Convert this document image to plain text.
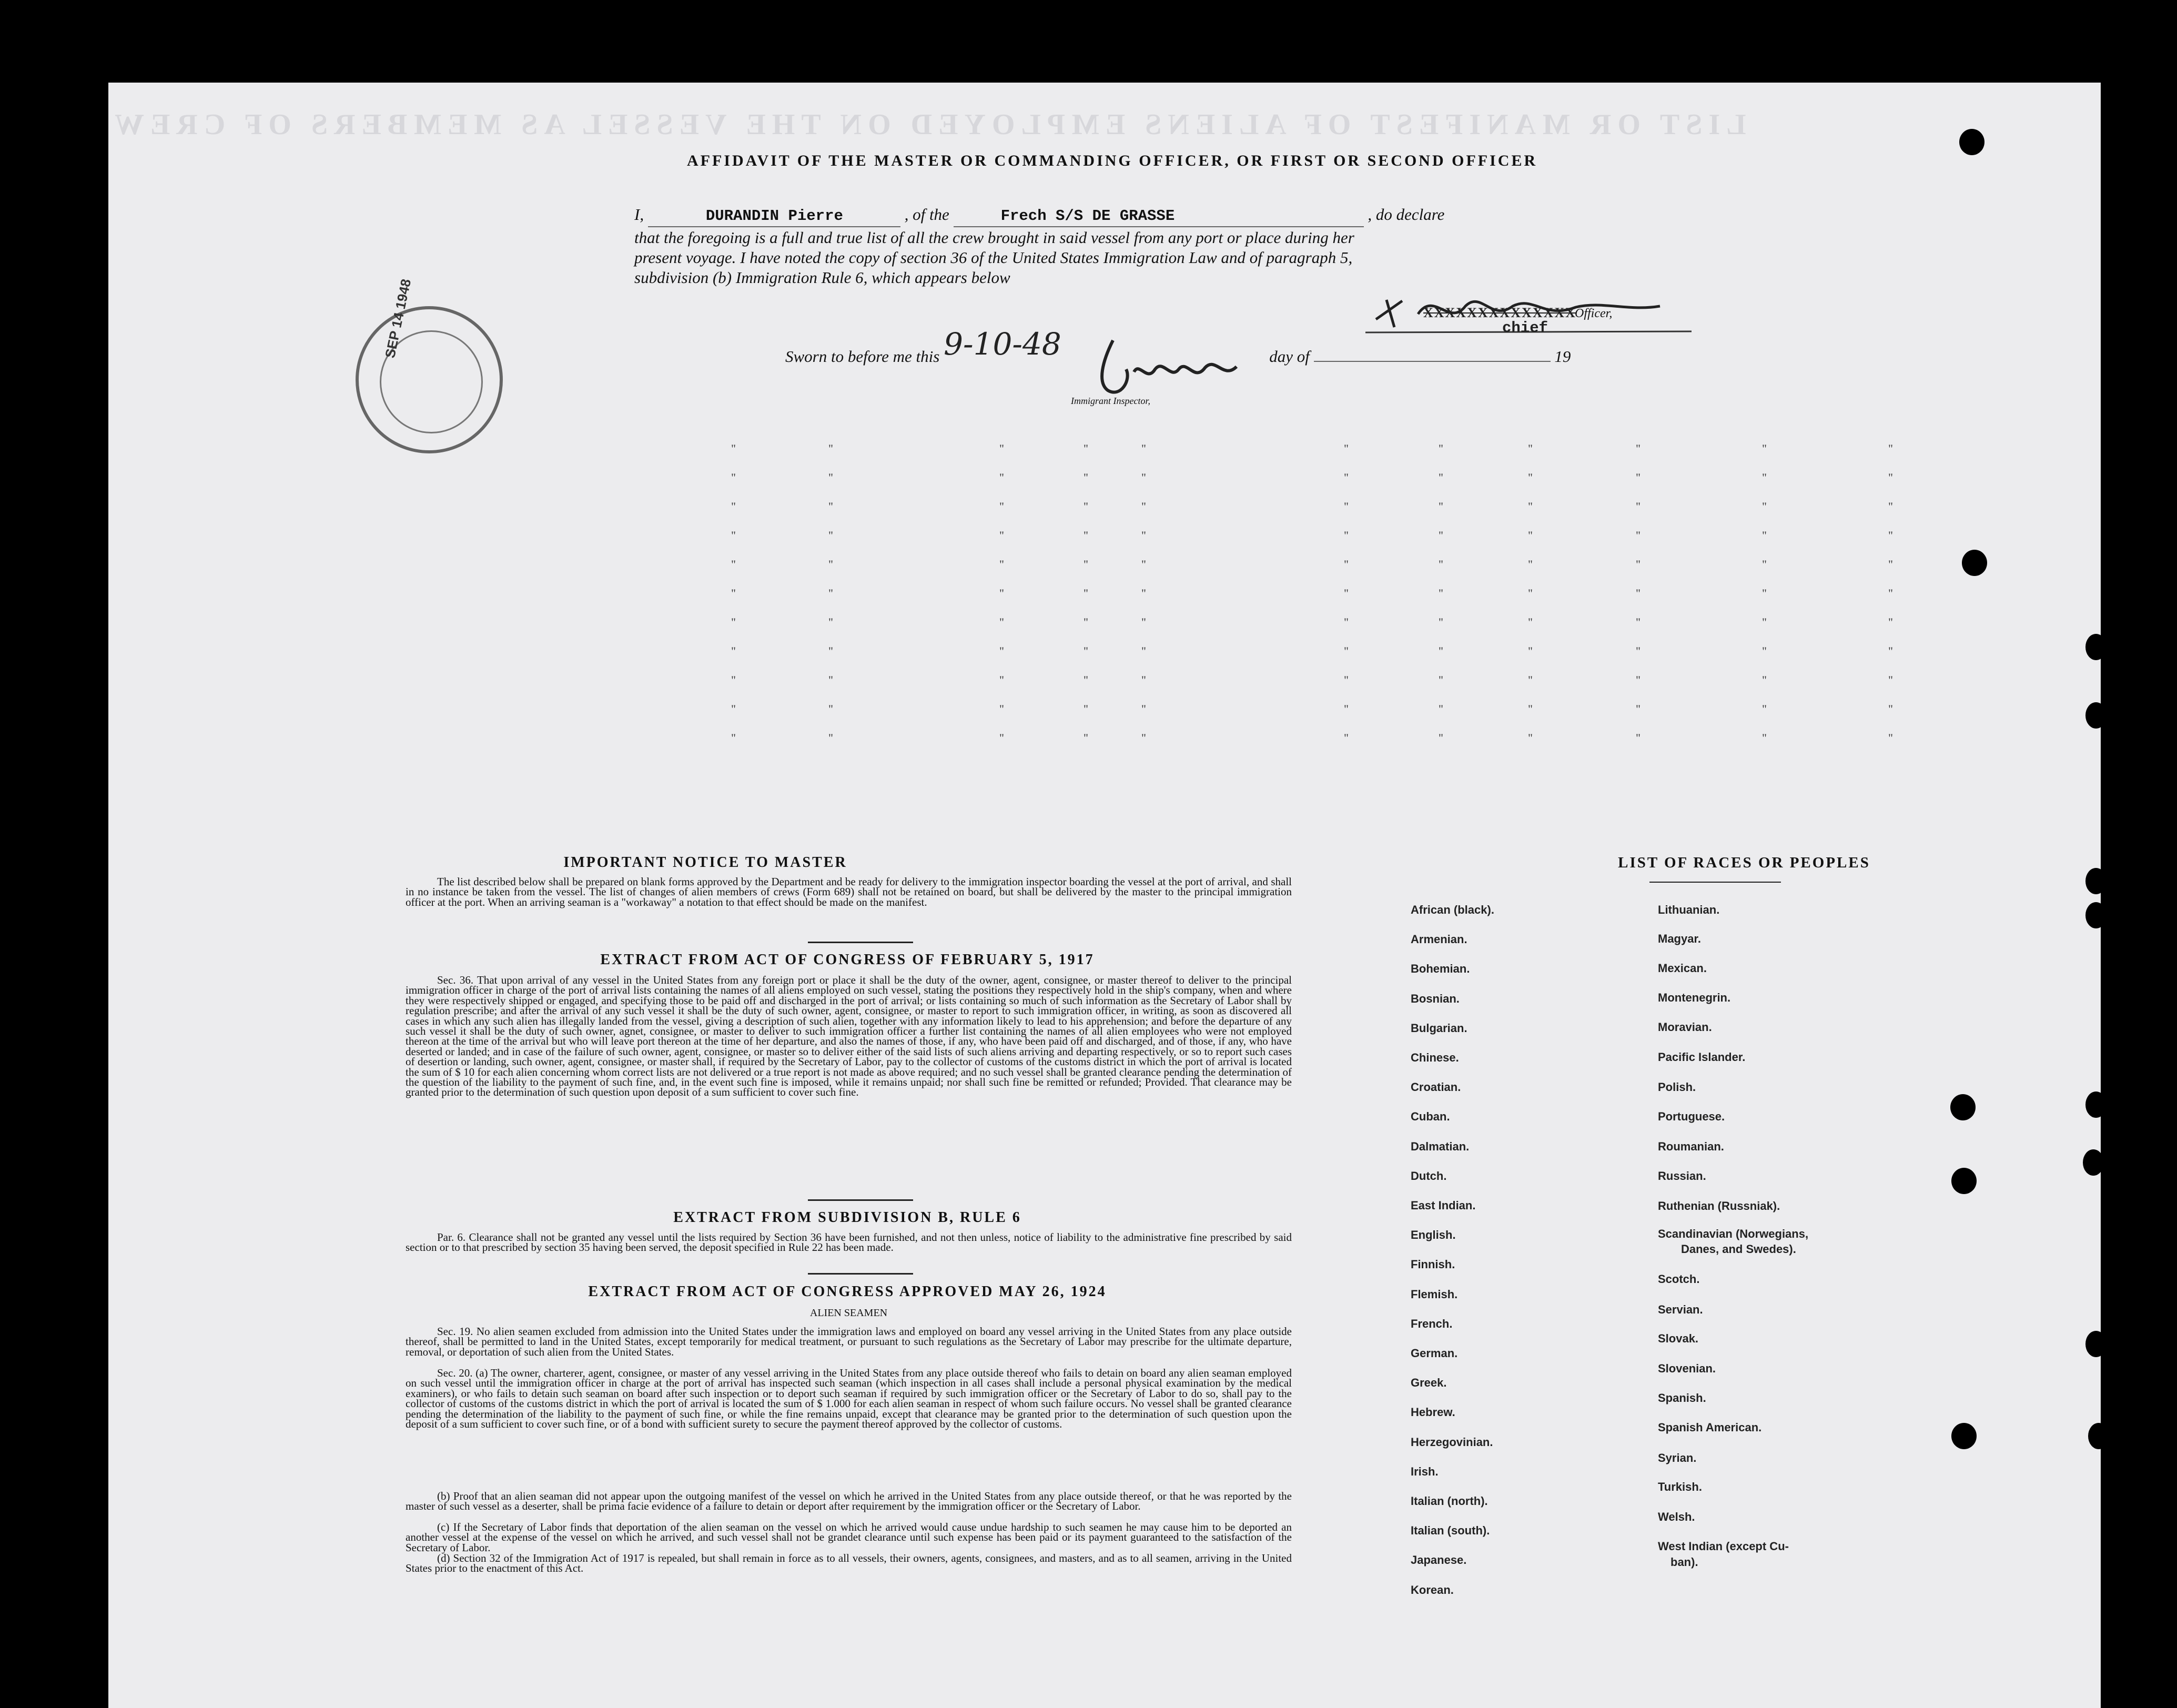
LIST OR MANIFEST OF ALIENS EMPLOYED ON THE VESSEL AS MEMBERS OF CREW
AFFIDAVIT OF THE MASTER OR COMMANDING OFFICER, OR FIRST OR SECOND OFFICER
I,	DURANDIN Pierre	, of the	Frech S/S DE GRASSE	, do declare
that the foregoing is a full and true list of all the crew brought in said vessel from any port or place during her
present voyage. I have noted the copy of section 36 of the United States Immigration Law and of paragraph 5,
subdivision (b) Immigration Rule 6, which appears below
XXXXXXXXXXXXXX
Officer,
chief
Sworn to before me this 9-10-48	day of	19
Immigrant Inspector,
SEP 14 1948
"	"	"	"	"	"	"	"	"	"	"
"	"	"	"	"	"	"	"	"	"	"
"	"	"	"	"	"	"	"	"	"	"
"	"	"	"	"	"	"	"	"	"	"
"	"	"	"	"	"	"	"	"	"	"
"	"	"	"	"	"	"	"	"	"	"
"	"	"	"	"	"	"	"	"	"	"
"	"	"	"	"	"	"	"	"	"	"
"	"	"	"	"	"	"	"	"	"	"
"	"	"	"	"	"	"	"	"	"	"
"	"	"	"	"	"	"	"	"	"	"
IMPORTANT NOTICE TO MASTER
The list described below shall be prepared on blank forms approved by the Department and be ready for delivery to the immigration inspector boarding the vessel at the port of arrival, and shall in no instance be taken from the vessel. The list of changes of alien members of crews (Form 689) shall not be retained on board, but shall be delivered by the master to the principal immigration officer at the port. When an arriving seaman is a "workaway" a notation to that effect should be made on the manifest.
EXTRACT FROM ACT OF CONGRESS OF FEBRUARY 5, 1917
Sec. 36. That upon arrival of any vessel in the United States from any foreign port or place it shall be the duty of the owner, agent, consignee, or master thereof to deliver to the principal immigration officer in charge of the port of arrival lists containing the names of all aliens employed on such vessel, stating the positions they respectively hold in the ship's company, when and where they were respectively shipped or engaged, and specifying those to be paid off and discharged in the port of arrival; or lists containing so much of such information as the Secretary of Labor shall by regulation prescribe; and after the arrival of any such vessel it shall be the duty of such owner, agent, consignee, or master to report to such immigration officer, in writing, as soon as discovered all cases in which any such alien has illegally landed from the vessel, giving a description of such alien, together with any information likely to lead to his apprehension; and before the departure of any such vessel it shall be the duty of such owner, agnet, consignee, or master to deliver to such immigration officer a further list containing the names of all alien employees who were not employed thereon at the time of the arrival but who will leave port thereon at the time of her departure, and also the names of those, if any, who have been paid off and discharged, and of those, if any, who have deserted or landed; and in case of the failure of such owner, agent, consignee, or master so to deliver either of the said lists of such aliens arriving and departing respectively, or so to report such cases of desertion or landing, such owner, agent, consignee, or master shall, if required by the Secretary of Labor, pay to the collector of customs of the customs district in which the port of arrival is located the sum of $ 10 for each alien concerning whom correct lists are not delivered or a true report is not made as above required; and no such vessel shall be granted clearance pending the determination of the question of the liability to the payment of such fine, and, in the event such fine is imposed, while it remains unpaid; nor shall such fine be remitted or refunded; Provided. That clearance may be granted prior to the determination of such question upon deposit of a sum sufficient to cover such fine.
EXTRACT FROM SUBDIVISION B, RULE 6
Par. 6. Clearance shall not be granted any vessel until the lists required by Section 36 have been furnished, and not then unless, notice of liability to the administrative fine prescribed by said section or to that prescribed by section 35 having been served, the deposit specified in Rule 22 has been made.
EXTRACT FROM ACT OF CONGRESS APPROVED MAY 26, 1924
ALIEN SEAMEN
Sec. 19. No alien seamen excluded from admission into the United States under the immigration laws and employed on board any vessel arriving in the United States from any place outside thereof, shall be permitted to land in the United States, except temporarily for medical treatment, or pursuant to such regulations as the Secretary of Labor may prescribe for the ultimate departure, removal, or deportation of such alien from the United States.
Sec. 20. (a) The owner, charterer, agent, consignee, or master of any vessel arriving in the United States from any place outside thereof who fails to detain on board any alien seaman employed on such vessel until the immigration officer in charge at the port of arrival has inspected such seaman (which inspection in all cases shall include a personal physical examination by the medical examiners), or who fails to detain such seaman on board after such inspection or to deport such seaman if required by such immigration officer or the Secretary of Labor to do so, shall pay to the collector of customs of the customs district in which the port of arrival is located the sum of $ 1.000 for each alien seaman in respect of whom such failure occurs. No vessel shall be granted clearance pending the determination of the liability to the payment of such fine, or while the fine remains unpaid, except that clearance may be granted prior to the determination of such question upon the deposit of a sum sufficient to cover such fine, or of a bond with sufficient surety to secure the payment thereof approved by the collector of customs.
(b) Proof that an alien seaman did not appear upon the outgoing manifest of the vessel on which he arrived in the United States from any place outside thereof, or that he was reported by the master of such vessel as a deserter, shall be prima facie evidence of a failure to detain or deport after requirement by the immigration officer or the Secretary of Labor.
(c) If the Secretary of Labor finds that deportation of the alien seaman on the vessel on which he arrived would cause undue hardship to such seamen he may cause him to be deported an another vessel at the expense of the vessel on which he arrived, and such vessel shall not be grandet clearance until such expense has been paid or its payment guaranteed to the satisfaction of the Secretary of Labor.
(d) Section 32 of the Immigration Act of 1917 is repealed, but shall remain in force as to all vessels, their owners, agents, consignees, and masters, and as to all seamen, arriving in the United States prior to the enactment of this Act.
LIST OF RACES OR PEOPLES
African (black).
Armenian.
Bohemian.
Bosnian.
Bulgarian.
Chinese.
Croatian.
Cuban.
Dalmatian.
Dutch.
East Indian.
English.
Finnish.
Flemish.
French.
German.
Greek.
Hebrew.
Herzegovinian.
Irish.
Italian (north).
Italian (south).
Japanese.
Korean.
Lithuanian.
Magyar.
Mexican.
Montenegrin.
Moravian.
Pacific Islander.
Polish.
Portuguese.
Roumanian.
Russian.
Ruthenian (Russniak).
Scandinavian (Norwegians,
Danes, and Swedes).
Scotch.
Servian.
Slovak.
Slovenian.
Spanish.
Spanish American.
Syrian.
Turkish.
Welsh.
West Indian (except Cu-
ban).
